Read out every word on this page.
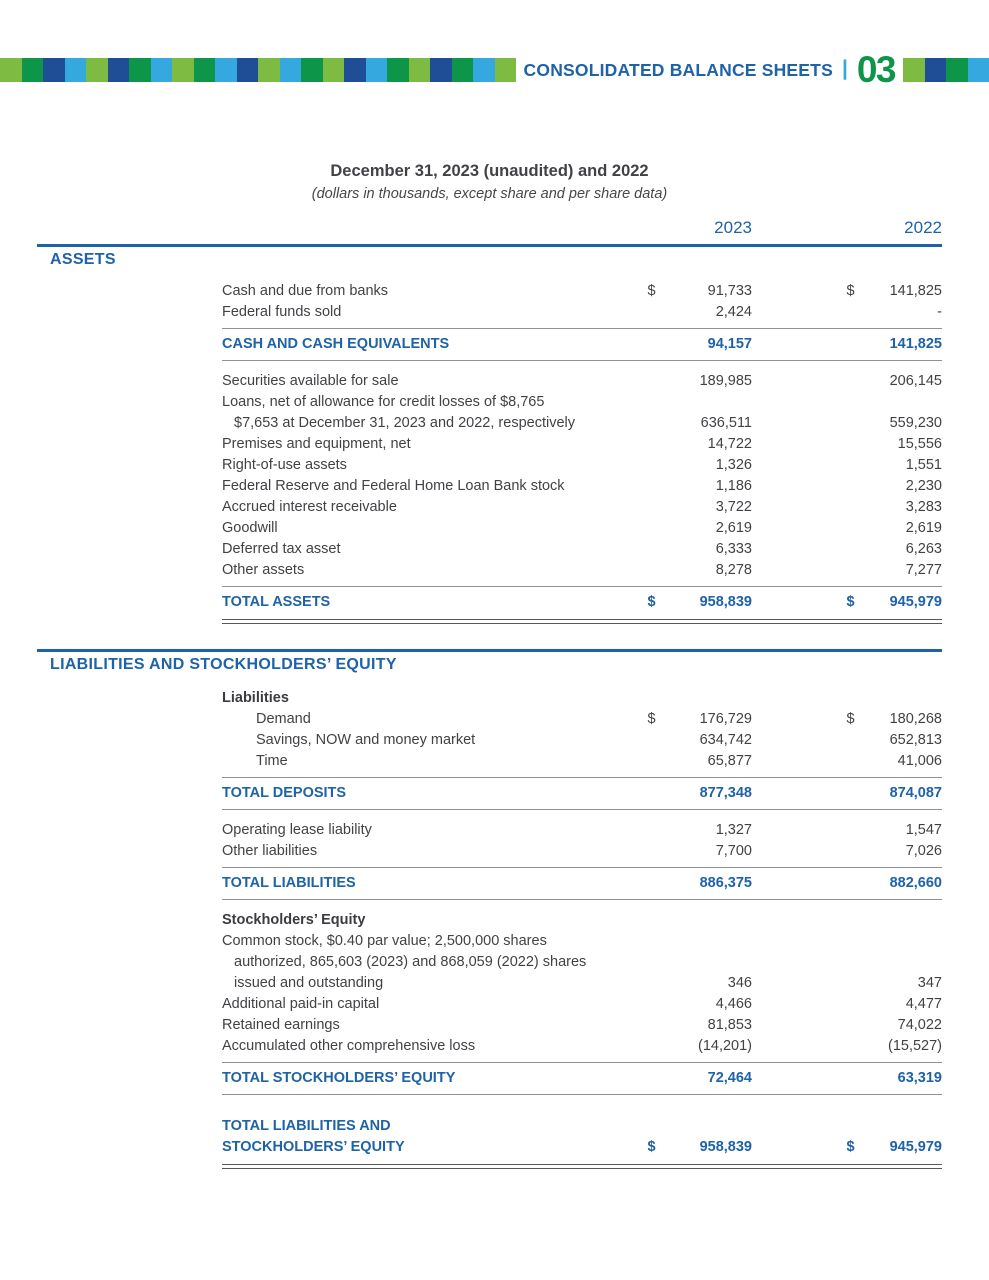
CONSOLIDATED BALANCE SHEETS | 03
December 31, 2023 (unaudited) and 2022
(dollars in thousands, except share and per share data)
2023	2022
ASSETS
Cash and due from banks	$	91,733	$	141,825
Federal funds sold	2,424	-
CASH AND CASH EQUIVALENTS	94,157	141,825
Securities available for sale	189,985	206,145
Loans, net of allowance for credit losses of $8,765
$7,653 at December 31, 2023 and 2022, respectively	636,511	559,230
Premises and equipment, net	14,722	15,556
Right-of-use assets	1,326	1,551
Federal Reserve and Federal Home Loan Bank stock	1,186	2,230
Accrued interest receivable	3,722	3,283
Goodwill	2,619	2,619
Deferred tax asset	6,333	6,263
Other assets	8,278	7,277
TOTAL ASSETS	$	958,839	$	945,979
LIABILITIES AND STOCKHOLDERS’ EQUITY
Liabilities
Demand	$	176,729	$	180,268
Savings, NOW and money market	634,742	652,813
Time	65,877	41,006
TOTAL DEPOSITS	877,348	874,087
Operating lease liability	1,327	1,547
Other liabilities	7,700	7,026
TOTAL LIABILITIES	886,375	882,660
Stockholders’ Equity
Common stock, $0.40 par value; 2,500,000 shares
authorized, 865,603 (2023) and 868,059 (2022) shares
issued and outstanding	346	347
Additional paid-in capital	4,466	4,477
Retained earnings	81,853	74,022
Accumulated other comprehensive loss	(14,201)	(15,527)
TOTAL STOCKHOLDERS’ EQUITY	72,464	63,319
TOTAL LIABILITIES AND
STOCKHOLDERS’ EQUITY	$	958,839	$	945,979
